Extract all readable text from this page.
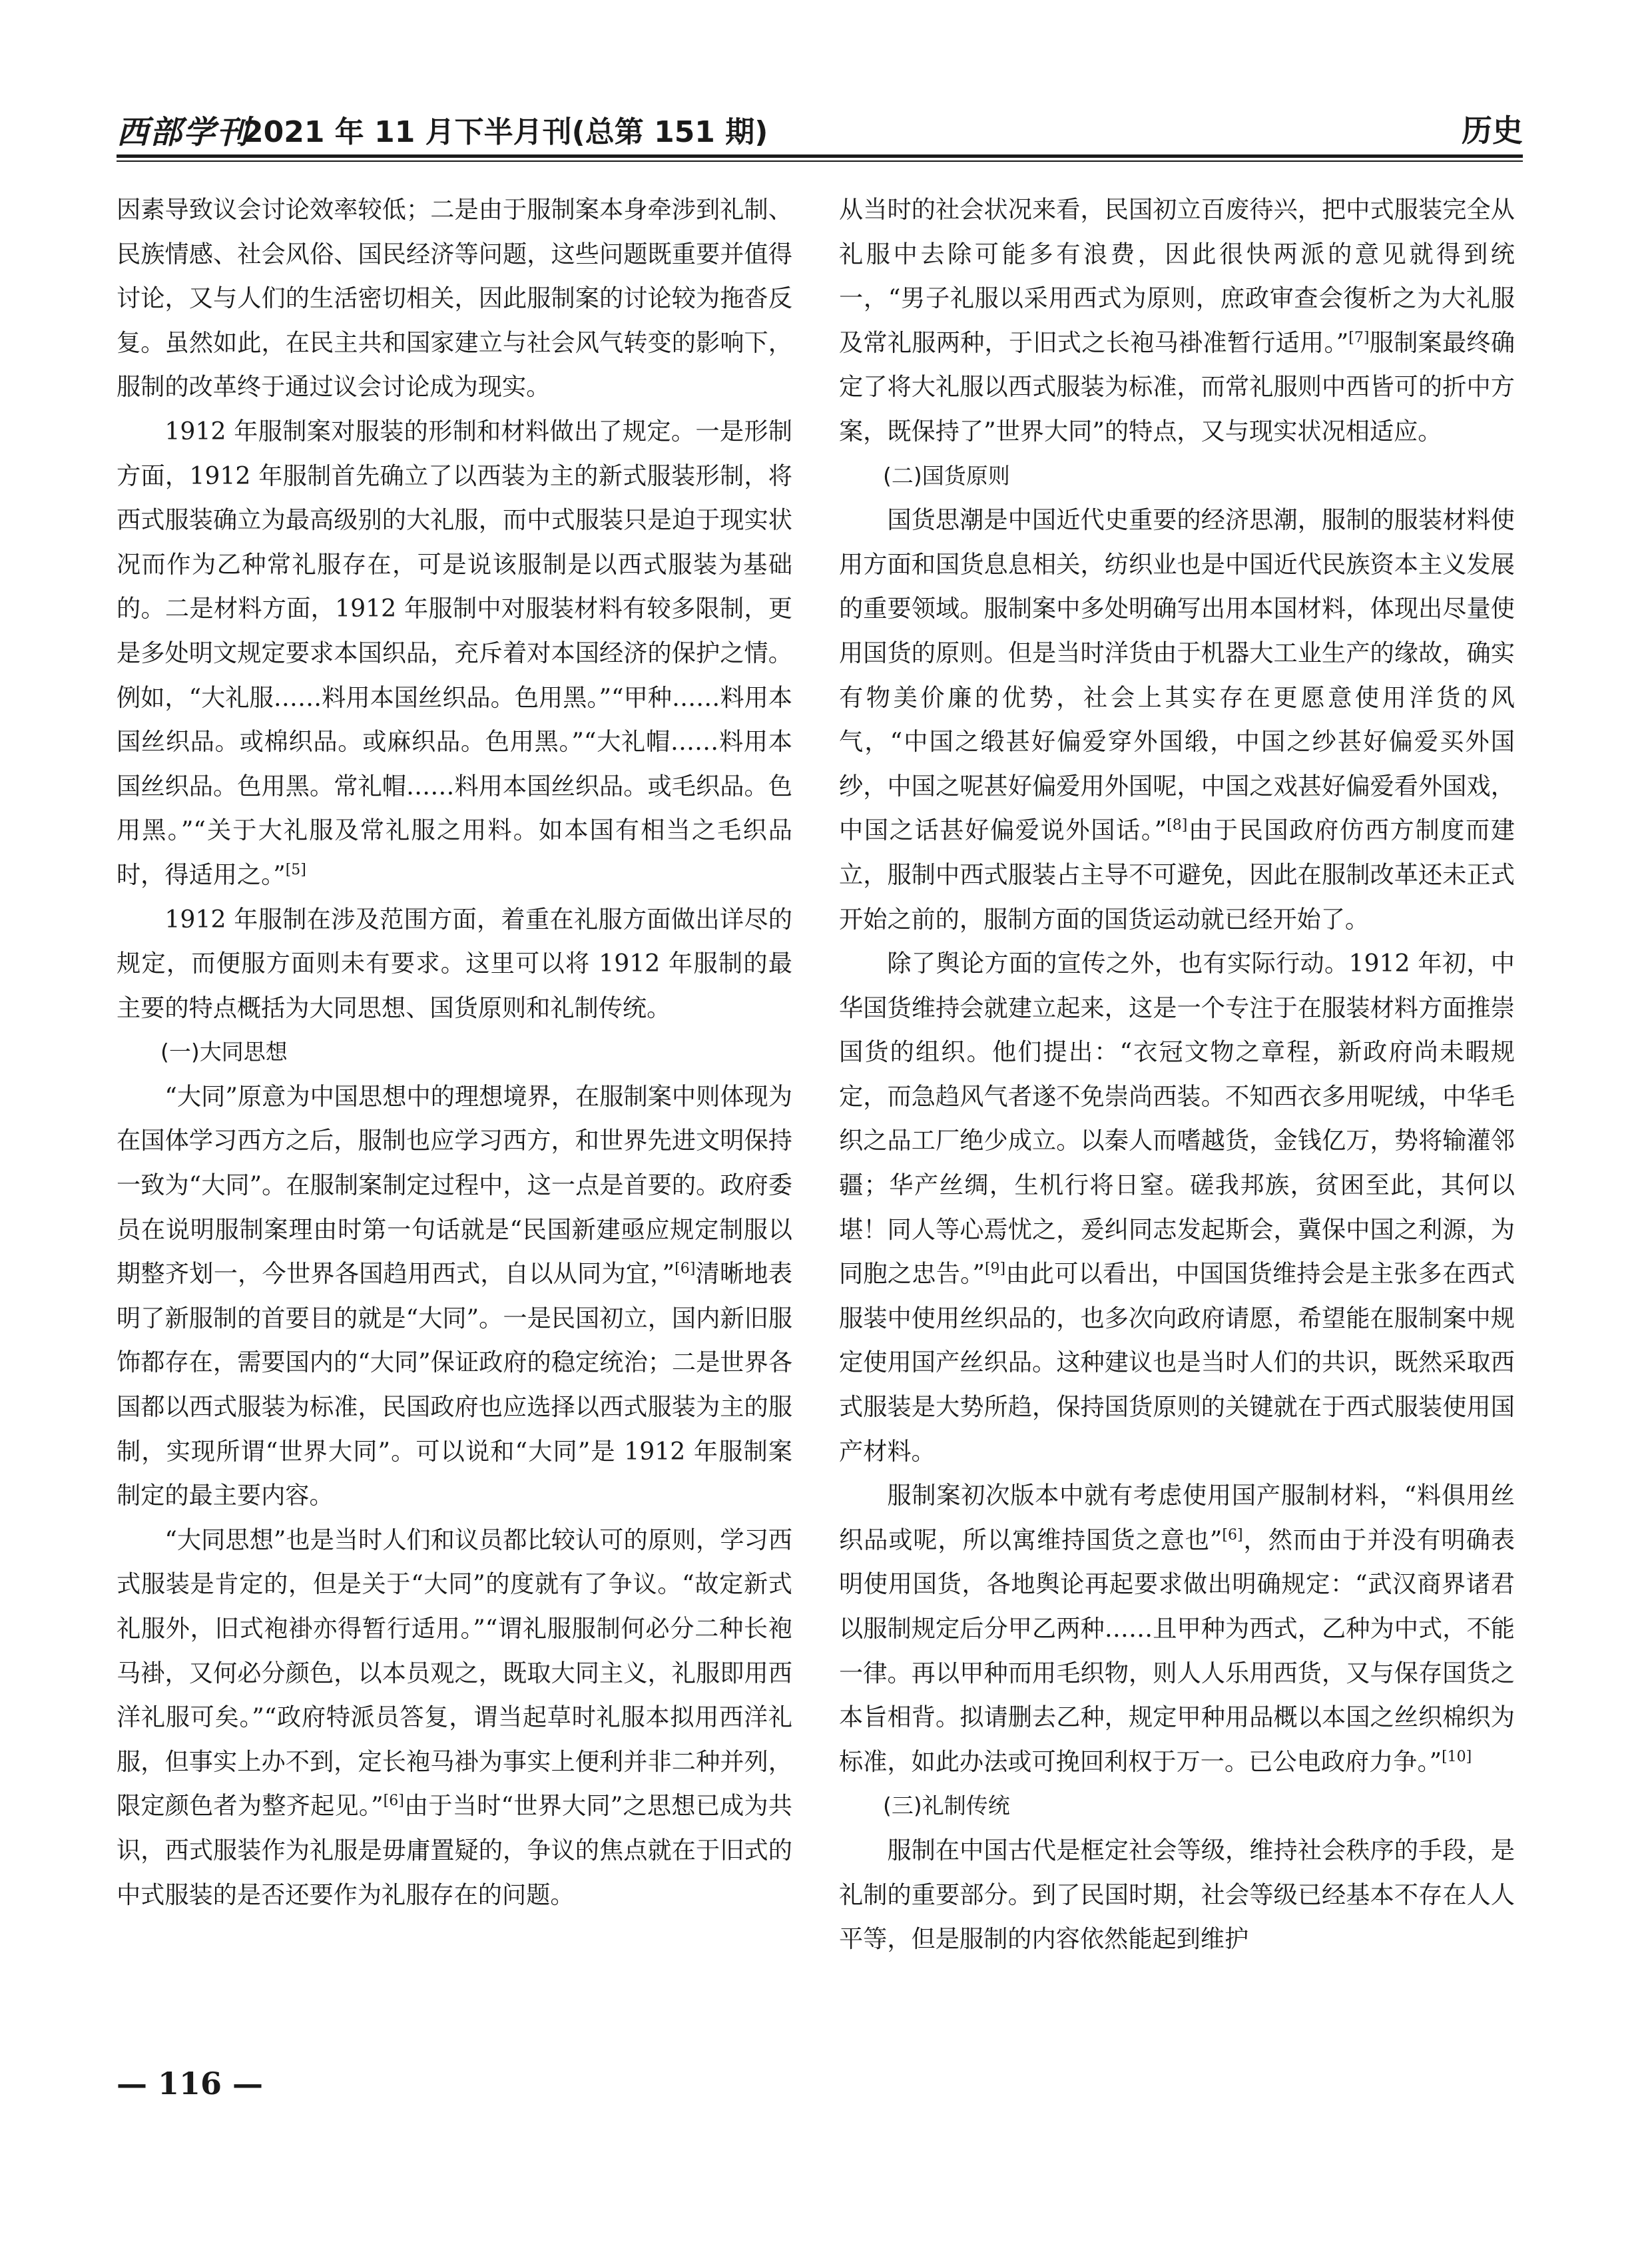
西部学刊
2021 年 11 月下半月刊(总第 151 期)	历史

因素导致议会讨论效率较低；二是由于服制案本身牵涉到礼制、民族情感、社会风俗、国民经济等问题，这些问题既重要并值得讨论，又与人们的生活密切相关，因此服制案的讨论较为拖沓反复。虽然如此，在民主共和国家建立与社会风气转变的影响下，服制的改革终于通过议会讨论成为现实。

1912 年服制案对服装的形制和材料做出了规定。一是形制方面，1912 年服制首先确立了以西装为主的新式服装形制，将西式服装确立为最高级别的大礼服，而中式服装只是迫于现实状况而作为乙种常礼服存在，可是说该服制是以西式服装为基础的。二是材料方面，1912 年服制中对服装材料有较多限制，更是多处明文规定要求本国织品，充斥着对本国经济的保护之情。例如，“大礼服……料用本国丝织品。色用黑。”“甲种……料用本国丝织品。或棉织品。或麻织品。色用黑。”“大礼帽……料用本国丝织品。色用黑。常礼帽……料用本国丝织品。或毛织品。色用黑。”“关于大礼服及常礼服之用料。如本国有相当之毛织品时，得适用之。”[5]

1912 年服制在涉及范围方面，着重在礼服方面做出详尽的规定，而便服方面则未有要求。这里可以将 1912 年服制的最主要的特点概括为大同思想、国货原则和礼制传统。

(一)大同思想

“大同”原意为中国思想中的理想境界，在服制案中则体现为在国体学习西方之后，服制也应学习西方，和世界先进文明保持一致为“大同”。在服制案制定过程中，这一点是首要的。政府委员在说明服制案理由时第一句话就是“民国新建亟应规定制服以期整齐划一，今世界各国趋用西式，自以从同为宜，”[6]清晰地表明了新服制的首要目的就是“大同”。一是民国初立，国内新旧服饰都存在，需要国内的“大同”保证政府的稳定统治；二是世界各国都以西式服装为标准，民国政府也应选择以西式服装为主的服制，实现所谓“世界大同”。可以说和“大同”是 1912 年服制案制定的最主要内容。

“大同思想”也是当时人们和议员都比较认可的原则，学习西式服装是肯定的，但是关于“大同”的度就有了争议。“故定新式礼服外，旧式袍褂亦得暂行适用。”“谓礼服服制何必分二种长袍马褂，又何必分颜色，以本员观之，既取大同主义，礼服即用西洋礼服可矣。”“政府特派员答复，谓当起草时礼服本拟用西洋礼服，但事实上办不到，定长袍马褂为事实上便利并非二种并列，限定颜色者为整齐起见。”[6]由于当时“世界大同”之思想已成为共识，西式服装作为礼服是毋庸置疑的，争议的焦点就在于旧式的中式服装的是否还要作为礼服存在的问题。

从当时的社会状况来看，民国初立百废待兴，把中式服装完全从礼服中去除可能多有浪费，因此很快两派的意见就得到统一，“男子礼服以采用西式为原则，庶政审查会復析之为大礼服及常礼服两种，于旧式之长袍马褂准暂行适用。”[7]服制案最终确定了将大礼服以西式服装为标准，而常礼服则中西皆可的折中方案，既保持了”世界大同”的特点，又与现实状况相适应。

(二)国货原则

国货思潮是中国近代史重要的经济思潮，服制的服装材料使用方面和国货息息相关，纺织业也是中国近代民族资本主义发展的重要领域。服制案中多处明确写出用本国材料，体现出尽量使用国货的原则。但是当时洋货由于机器大工业生产的缘故，确实有物美价廉的优势，社会上其实存在更愿意使用洋货的风气，“中国之缎甚好偏爱穿外国缎，中国之纱甚好偏爱买外国纱，中国之呢甚好偏爱用外国呢，中国之戏甚好偏爱看外国戏，中国之话甚好偏爱说外国话。”[8]由于民国政府仿西方制度而建立，服制中西式服装占主导不可避免，因此在服制改革还未正式开始之前的，服制方面的国货运动就已经开始了。

除了舆论方面的宣传之外，也有实际行动。1912 年初，中华国货维持会就建立起来，这是一个专注于在服装材料方面推崇国货的组织。他们提出：“衣冠文物之章程，新政府尚未暇规定，而急趋风气者遂不免崇尚西装。不知西衣多用呢绒，中华毛织之品工厂绝少成立。以秦人而嗜越货，金钱亿万，势将输灌邻疆；华产丝绸，生机行将日窒。磋我邦族，贫困至此，其何以堪！同人等心焉忧之，爰纠同志发起斯会，冀保中国之利源，为同胞之忠告。”[9]由此可以看出，中国国货维持会是主张多在西式服装中使用丝织品的，也多次向政府请愿，希望能在服制案中规定使用国产丝织品。这种建议也是当时人们的共识，既然采取西式服装是大势所趋，保持国货原则的关键就在于西式服装使用国产材料。

服制案初次版本中就有考虑使用国产服制材料，“料俱用丝织品或呢，所以寓维持国货之意也”[6]，然而由于并没有明确表明使用国货，各地舆论再起要求做出明确规定：“武汉商界诸君以服制规定后分甲乙两种……且甲种为西式，乙种为中式，不能一律。再以甲种而用毛织物，则人人乐用西货，又与保存国货之本旨相背。拟请删去乙种，规定甲种用品概以本国之丝织棉织为标准，如此办法或可挽回利权于万一。已公电政府力争。”[10]

(三)礼制传统

服制在中国古代是框定社会等级，维持社会秩序的手段，是礼制的重要部分。到了民国时期，社会等级已经基本不存在人人平等，但是服制的内容依然能起到维护

— 116 —
